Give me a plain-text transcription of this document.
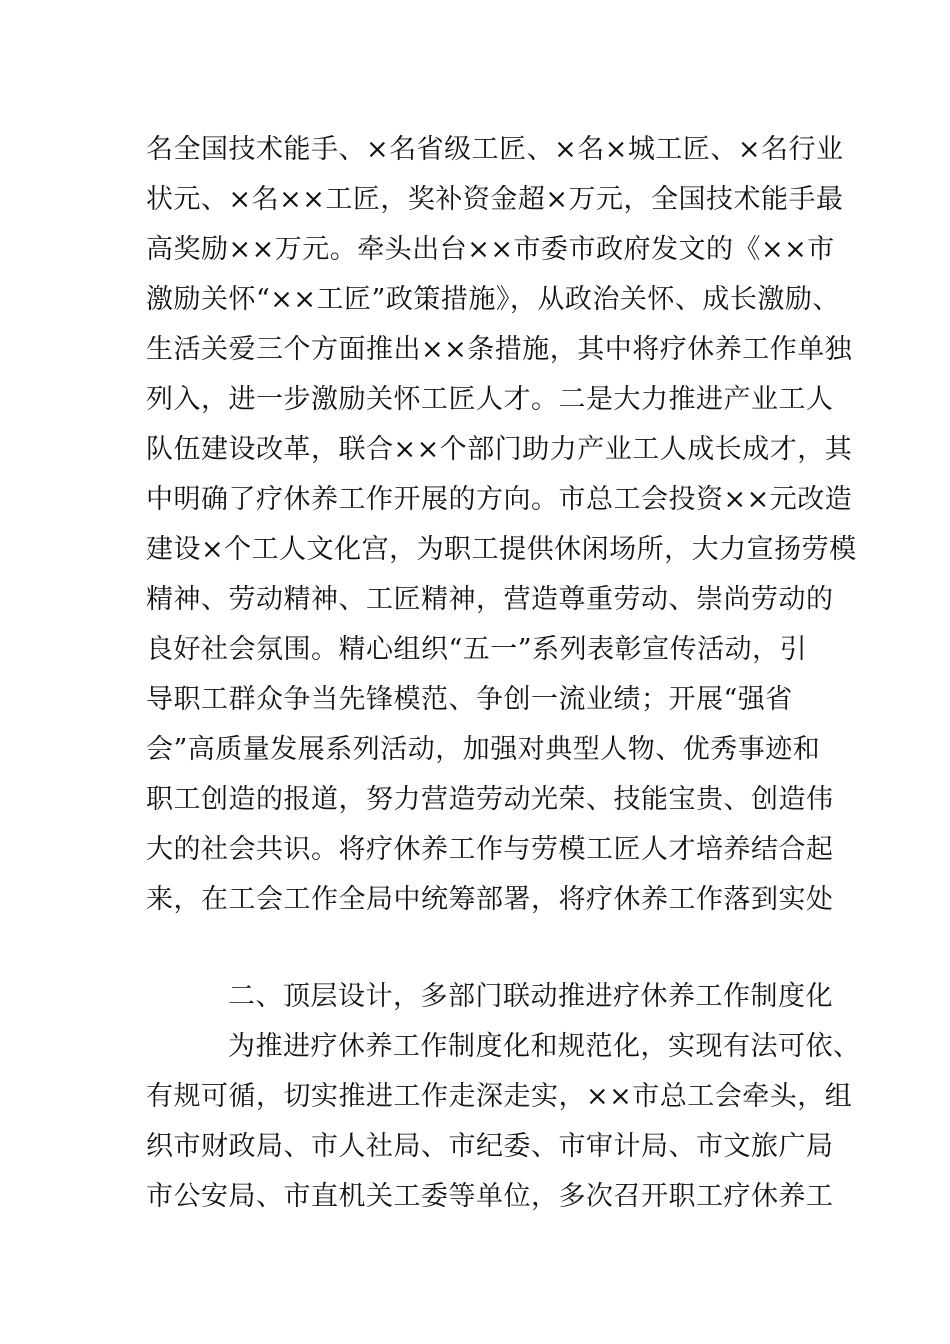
名全国技术能手、×名省级工匠、×名×城工匠、×名行业
状元、×名××工匠，奖补资金超×万元，全国技术能手最
高奖励××万元。牵头出台××市委市政府发文的《××市
激励关怀“××工匠”政策措施》，从政治关怀、成长激励、
生活关爱三个方面推出××条措施，其中将疗休养工作单独
列入，进一步激励关怀工匠人才。二是大力推进产业工人
队伍建设改革，联合××个部门助力产业工人成长成才，其
中明确了疗休养工作开展的方向。市总工会投资××元改造
建设×个工人文化宫，为职工提供休闲场所，大力宣扬劳模
精神、劳动精神、工匠精神，营造尊重劳动、崇尚劳动的
良好社会氛围。精心组织“五一”系列表彰宣传活动，引
导职工群众争当先锋模范、争创一流业绩；开展“强省
会”高质量发展系列活动，加强对典型人物、优秀事迹和
职工创造的报道，努力营造劳动光荣、技能宝贵、创造伟
大的社会共识。将疗休养工作与劳模工匠人才培养结合起
来，在工会工作全局中统筹部署，将疗休养工作落到实处
二、顶层设计，多部门联动推进疗休养工作制度化
为推进疗休养工作制度化和规范化，实现有法可依、
有规可循，切实推进工作走深走实，××市总工会牵头，组
织市财政局、市人社局、市纪委、市审计局、市文旅广局
市公安局、市直机关工委等单位，多次召开职工疗休养工
